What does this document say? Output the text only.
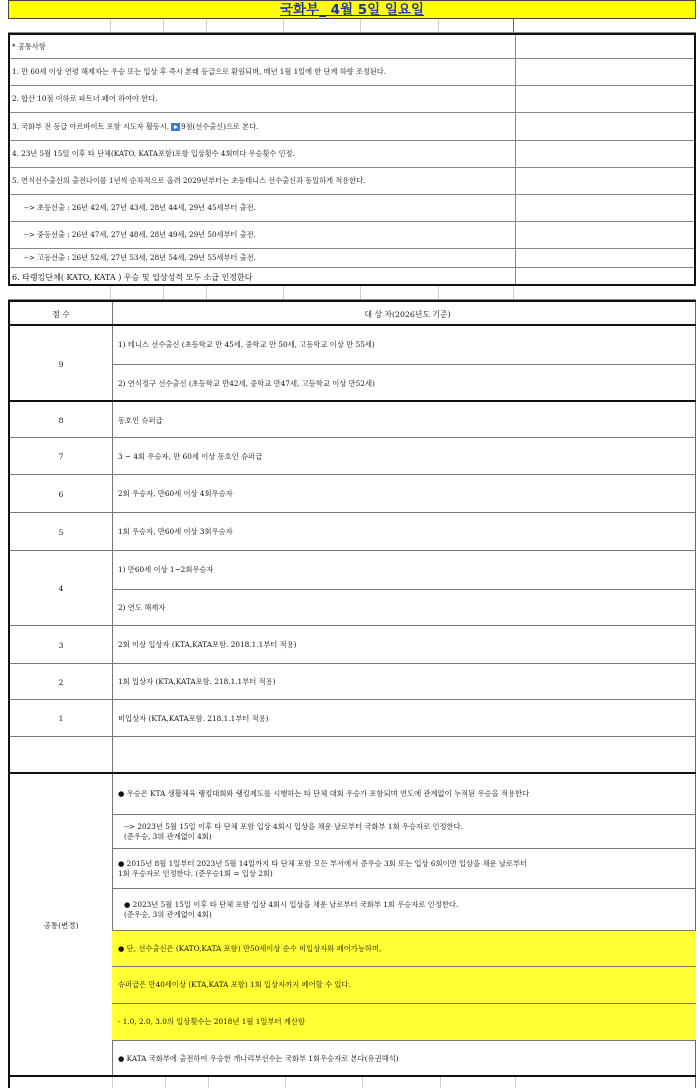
국화부_ 4월 5일 일요일
* 공통사항
1. 만 60세 이상 연령 해제자는 우승 또는 입상 후 즉시 본래 등급으로 환원되며, 매년 1월 1일에 한 단계 하향 조정된다.
2. 합산 10점 이하로 파트너 페어 하여야 한다.
3. 국화부 전 등급 아르바이트 포함 지도자 활동시. 9점(선수출신)으로 본다.
4. 23년 5월 15일 이후 타 단체(KATO, KATA포함)포함 입상횟수 4회미다 우승횟수 인정.
5. 연식선수출신의 출전나이를 1년씩 순차적으로 올려 2029년부터는 초등테니스 선수출신과 동일하게 적용한다.
--> 초등선출 : 26년 42세, 27년 43세, 28년 44세, 29년 45세부터 출전.
--> 중등선출 : 26년 47세, 27년 48세, 28년 49세, 29년 50세부터 출전.
--> 고등선출 : 26년 52세, 27년 53세, 28년 54세, 29년 55세부터 출전.
6. 타랭킹단체( KATO, KATA ) 우승 및 입상성적 모두 소급 인정한다
점 수	대 상 자(2026년도 기준)
9
1) 테니스 선수출신 (초등학교 만 45세, 중학교 만 50세, 고등학교 이상 만 55세)
2) 연식정구 선수출신 (초등학교 만42세, 중학교 만47세, 고등학교 이상 만52세)
8	동호인 슈퍼급
7	3 ~ 4회 우승자, 만 60세 이상 동호인 슈퍼급
6	2회 우승자, 만60세 이상 4회우승자
5	1회 우승자, 만60세 이상 3회우승자
4
1) 만60세 이상 1~2회우승자
2) 연도 해제자
3	2회 이상 입상자 (KTA,KATA포함. 2018.1.1부터 적용)
2	1회 입상자 (KTA,KATA포함. 218.1.1부터 적용)
1	비입상자 (KTA,KATA포함. 218.1.1부터 적용)
공통(변경)
● 우승은 KTA 생활체육 랭킹대회와 랭킹제도를 시행하는 타 단체 대회 우승가 포함되며 연도에 관계없이 누적된 우승을 적용한다
--> 2023년 5월 15일 이후 타 단체 포함 입상 4회시 입상을 채운 날로부터 국화부 1회 우승자로 인정한다.
(준우승, 3위 관계없이 4회)
● 2015년 8월 1일부터 2023년 5월 14일까지 타 단체 포함 모든 부서에서 준우승 3회 또는 입상 6회이면 입상을 채운 날로부터
1회 우승자로 인정한다. (준우승1회 = 입상 2회)
● 2023년 5월 15일 이후 타 단체 포함 입상 4회시 입상을 채운 날로부터 국화부 1회 우승자로 인정한다.
(준우승, 3위 관계없이 4회)
● 단, 선수출신은 (KATO,KATA 포함) 만50세이상 순수 비입상자와 페어가능하며,
슈퍼급은 만40세이상 (KTA,KATA 포함) 1회 입상자까지 페어할 수 있다.
- 1.0, 2.0, 3.0의 입상횟수는 2018년 1월 1일부터 계산함
● KATA 국화부에 출전하여 우승한 개나리부선수는 국화부 1회우승자로 본다(유권해석)
